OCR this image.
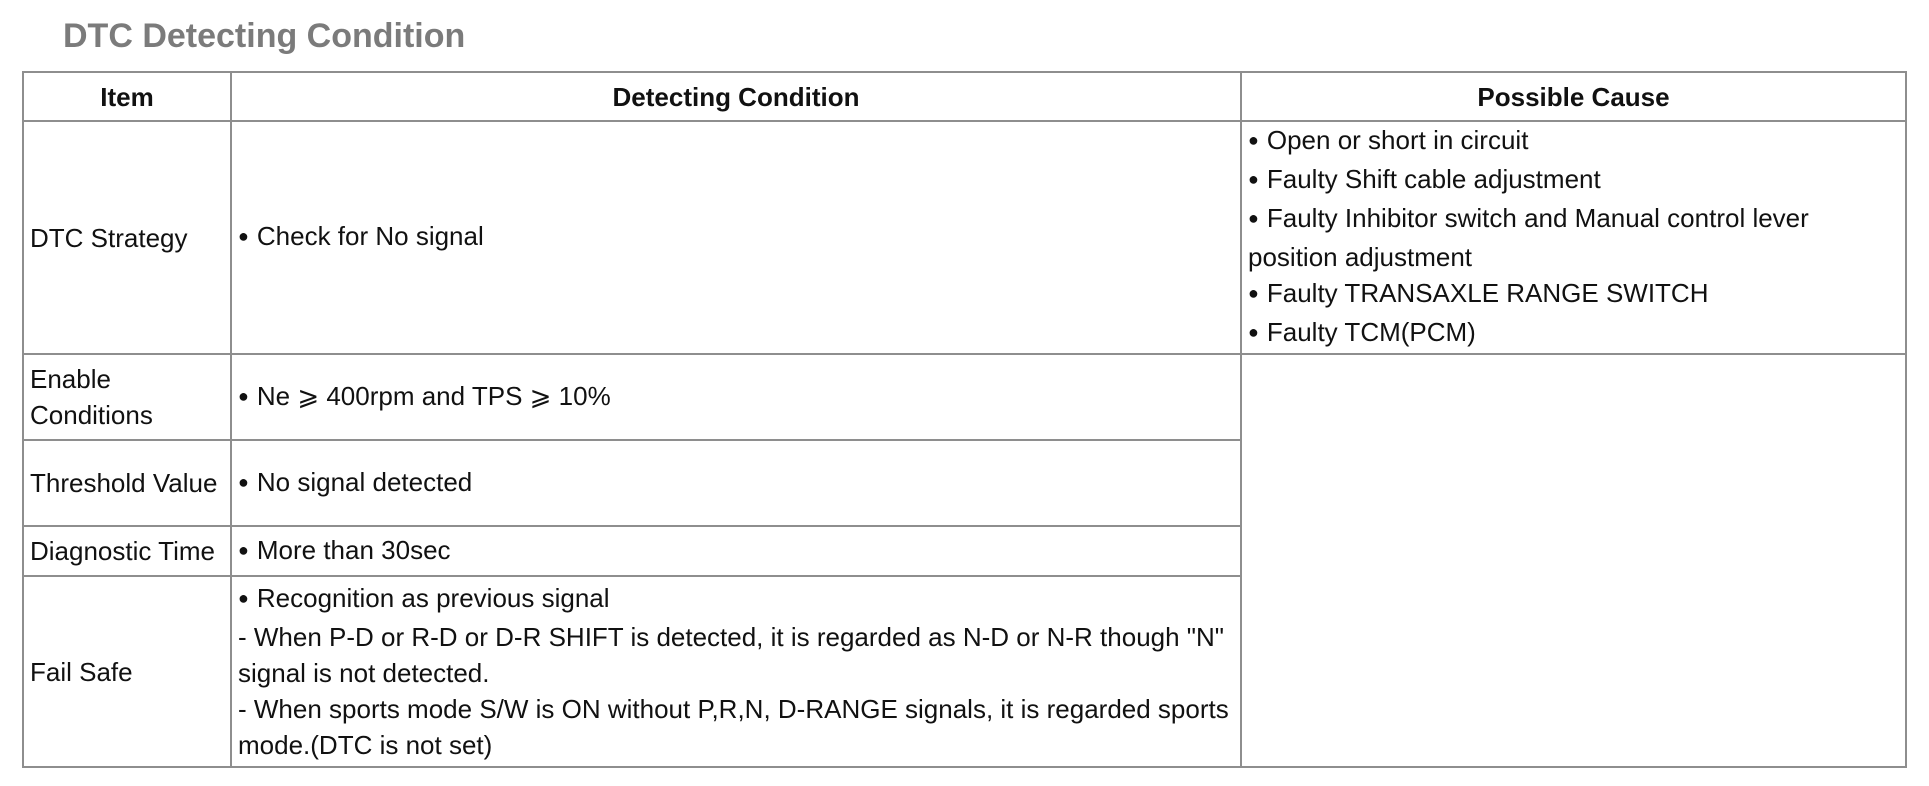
DTC Detecting Condition
Item	Detecting Condition	Possible Cause
DTC Strategy	● Check for No signal	● Open or short in circuit
● Faulty Shift cable adjustment
● Faulty Inhibitor switch and Manual control lever position adjustment
● Faulty TRANSAXLE RANGE SWITCH
● Faulty TCM(PCM)

Enable Conditions	● Ne ⩾ 400rpm and TPS ⩾ 10%

Threshold Value	● No signal detected

Diagnostic Time	● More than 30sec

Fail Safe	● Recognition as previous signal
- When P-D or R-D or D-R SHIFT is detected, it is regarded as N-D or N-R though "N" signal is not detected.
- When sports mode S/W is ON without P,R,N, D-RANGE signals, it is regarded sports mode.(DTC is not set)
